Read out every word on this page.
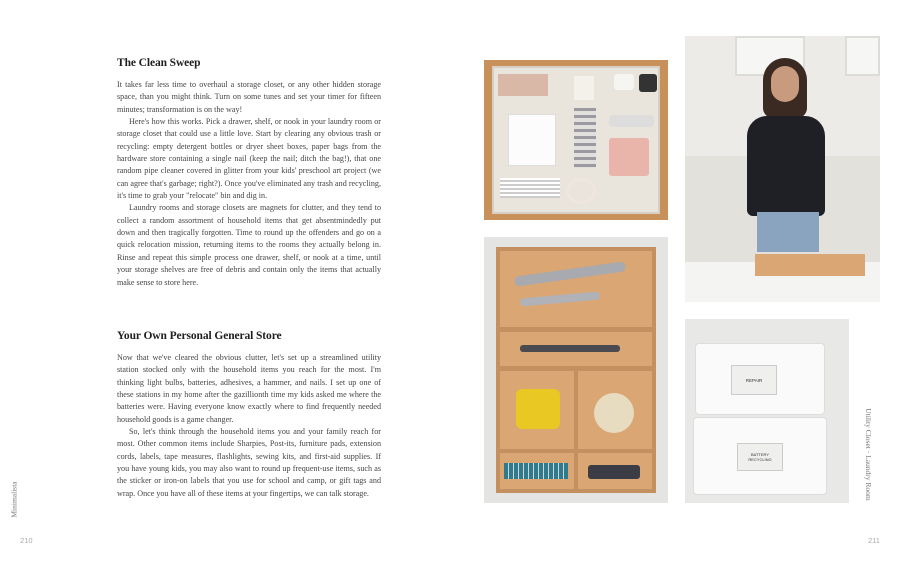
The Clean Sweep

It takes far less time to overhaul a storage closet, or any other hidden storage space, than you might think. Turn on some tunes and set your timer for fifteen minutes; transformation is on the way!

Here's how this works. Pick a drawer, shelf, or nook in your laundry room or storage closet that could use a little love. Start by clearing any obvious trash or recycling: empty detergent bottles or dryer sheet boxes, paper bags from the hardware store containing a single nail (keep the nail; ditch the bag!), that one random pipe cleaner covered in glitter from your kids' preschool art project (we can agree that's garbage; right?). Once you've eliminated any trash and recycling, it's time to grab your "relocate" bin and dig in.

Laundry rooms and storage closets are magnets for clutter, and they tend to collect a random assortment of household items that get absentmindedly put down and then tragically forgotten. Time to round up the offenders and go on a quick relocation mission, returning items to the rooms they actually belong in. Rinse and repeat this simple process one drawer, shelf, or nook at a time, until your storage shelves are free of debris and contain only the items that actually make sense to store here.

Your Own Personal General Store

Now that we've cleared the obvious clutter, let's set up a streamlined utility station stocked only with the household items you reach for the most. I'm thinking light bulbs, batteries, adhesives, a hammer, and nails. I set up one of these stations in my home after the gazillionth time my kids asked me where the batteries were. Having everyone know exactly where to find frequently needed household goods is a game changer.

So, let's think through the household items you and your family reach for most. Other common items include Sharpies, Post-its, furniture pads, extension cords, labels, tape measures, flashlights, sewing kits, and first-aid supplies. If you have young kids, you may also want to round up frequent-use items, such as the sticker or iron-on labels that you use for school and camp, or gift tags and wrap. Once you have all of these items at your fingertips, we can talk storage.

Minimalista
210
Utility Closet · Laundry Room
211
REPAIR
BATTERY RECYCLING
